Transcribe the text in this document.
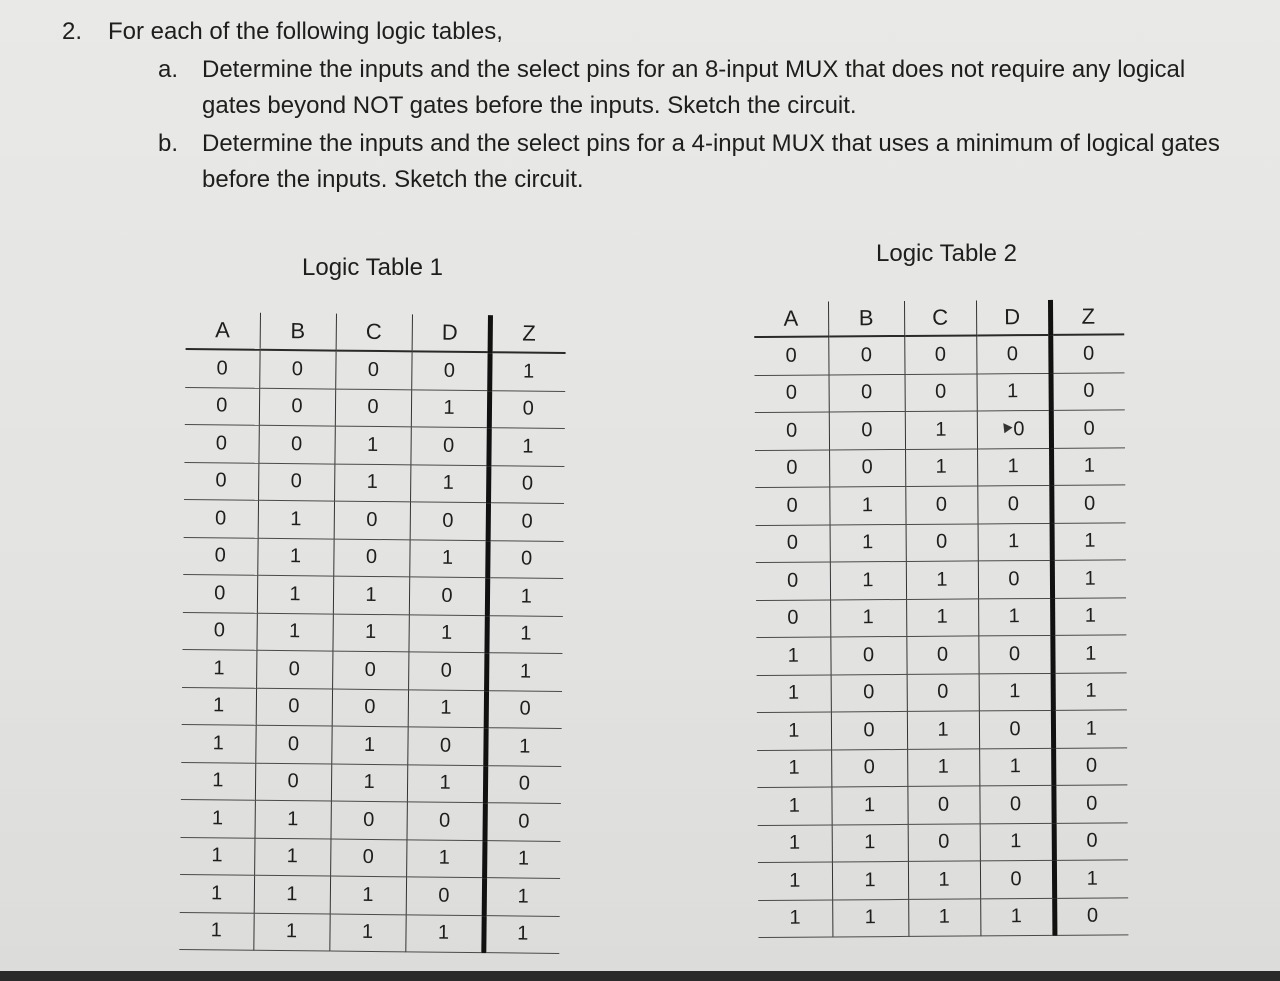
2.	For each of the following logic tables,
a. Determine the inputs and the select pins for an 8-input MUX that does not require any logical gates beyond NOT gates before the inputs. Sketch the circuit.
b. Determine the inputs and the select pins for a 4-input MUX that uses a minimum of logical gates before the inputs. Sketch the circuit.
Logic Table 1
Logic Table 2
A	B	C	D	Z
0	0	0	0	1
0	0	0	1	0
0	0	1	0	1
0	0	1	1	0
0	1	0	0	0
0	1	0	1	0
0	1	1	0	1
0	1	1	1	1
1	0	0	0	1
1	0	0	1	0
1	0	1	0	1
1	0	1	1	0
1	1	0	0	0
1	1	0	1	1
1	1	1	0	1
1	1	1	1	1
A	B	C	D	Z
0	0	0	0	0
0	0	0	1	0
0	0	1	0	0
0	0	1	1	1
0	1	0	0	0
0	1	0	1	1
0	1	1	0	1
0	1	1	1	1
1	0	0	0	1
1	0	0	1	1
1	0	1	0	1
1	0	1	1	0
1	1	0	0	0
1	1	0	1	0
1	1	1	0	1
1	1	1	1	0
